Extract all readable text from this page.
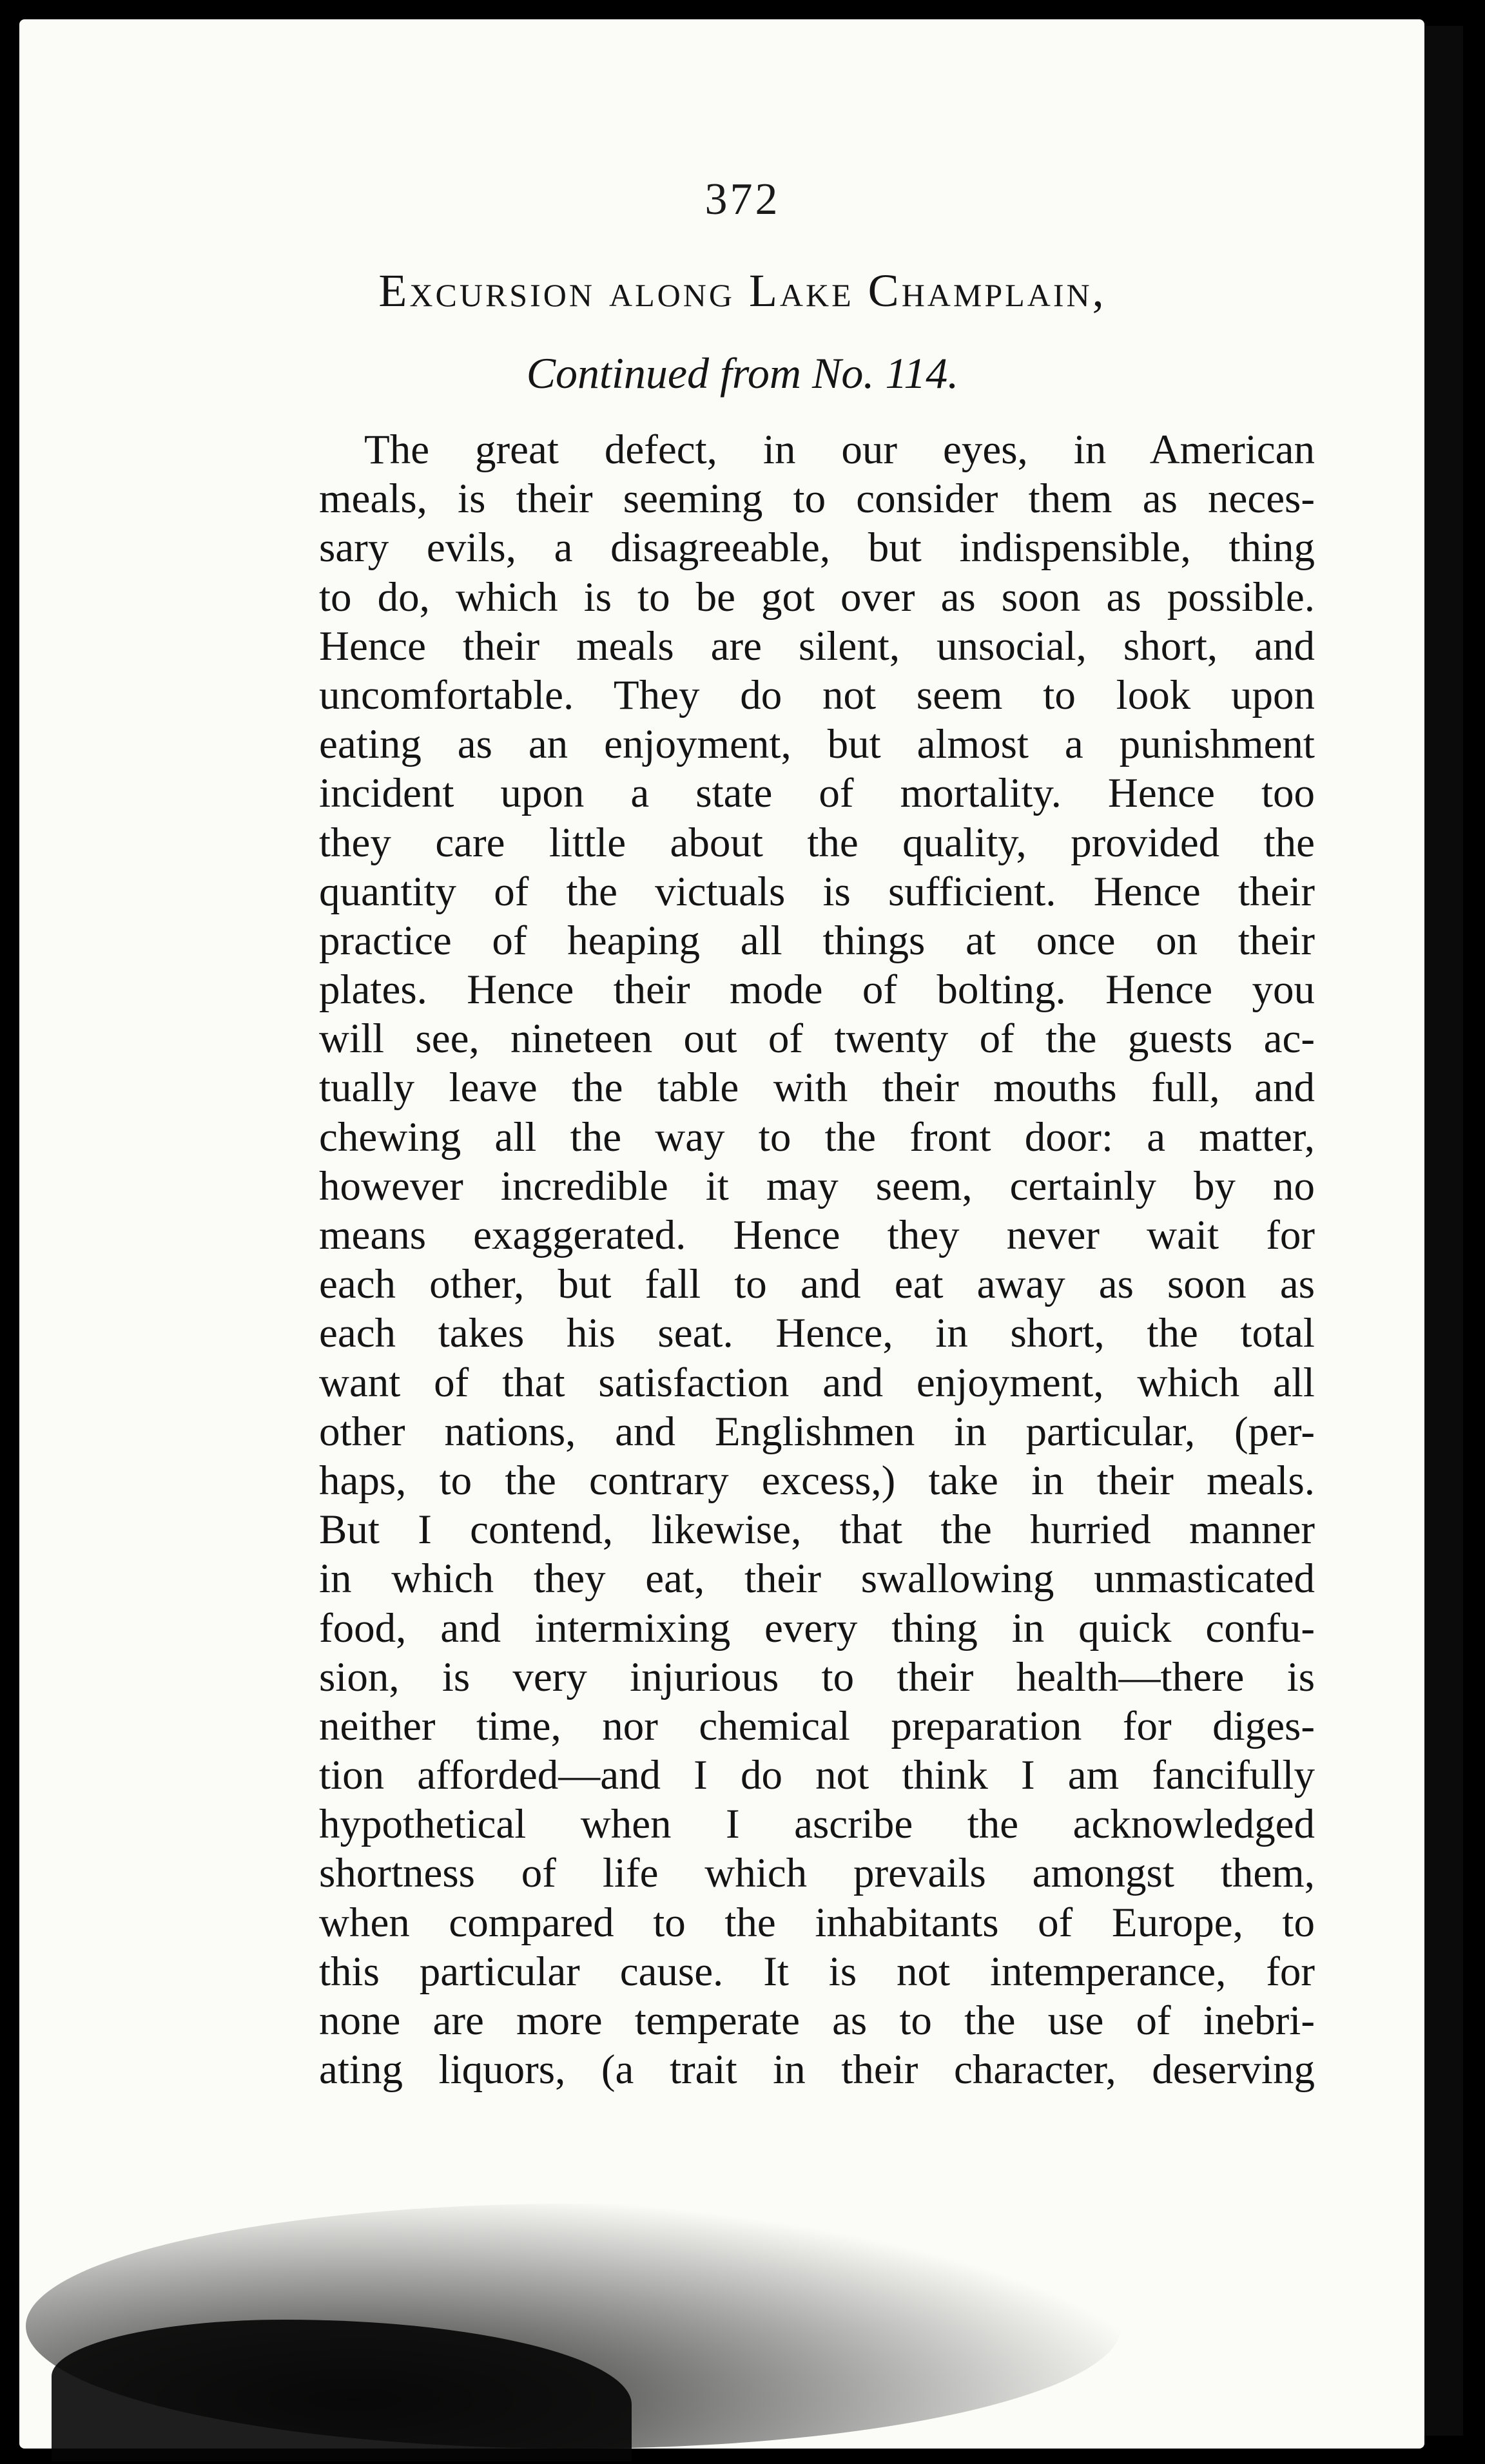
372
Excursion along Lake Champlain,
Continued from No. 114.
The great defect, in our eyes, in American
meals, is their seeming to consider them as neces-
sary evils, a disagreeable, but indispensible, thing
to do, which is to be got over as soon as possible.
Hence their meals are silent, unsocial, short, and
uncomfortable. They do not seem to look upon
eating as an enjoyment, but almost a punishment
incident upon a state of mortality. Hence too
they care little about the quality, provided the
quantity of the victuals is sufficient. Hence their
practice of heaping all things at once on their
plates. Hence their mode of bolting. Hence you
will see, nineteen out of twenty of the guests ac-
tually leave the table with their mouths full, and
chewing all the way to the front door: a matter,
however incredible it may seem, certainly by no
means exaggerated. Hence they never wait for
each other, but fall to and eat away as soon as
each takes his seat. Hence, in short, the total
want of that satisfaction and enjoyment, which all
other nations, and Englishmen in particular, (per-
haps, to the contrary excess,) take in their meals.
But I contend, likewise, that the hurried manner
in which they eat, their swallowing unmasticated
food, and intermixing every thing in quick confu-
sion, is very injurious to their health—there is
neither time, nor chemical preparation for diges-
tion afforded—and I do not think I am fancifully
hypothetical when I ascribe the acknowledged
shortness of life which prevails amongst them,
when compared to the inhabitants of Europe, to
this particular cause. It is not intemperance, for
none are more temperate as to the use of inebri-
ating liquors, (a trait in their character, deserving
